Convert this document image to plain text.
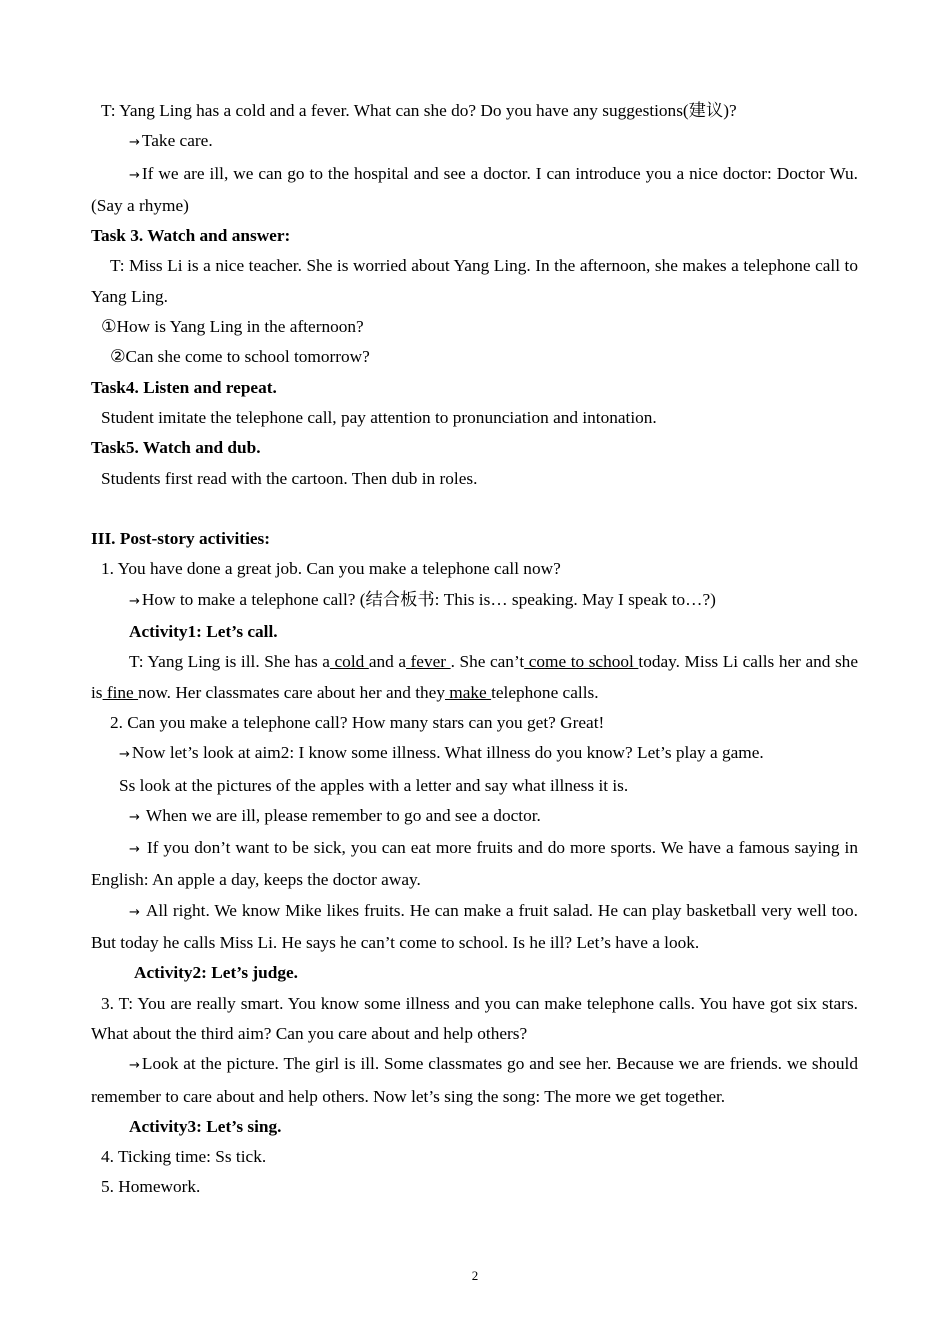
T: Yang Ling has a cold and a fever. What can she do? Do you have any suggestions(建议)?

→ Take care.

→ If we are ill, we can go to the hospital and see a doctor. I can introduce you a nice doctor: Doctor Wu. (Say a rhyme)

Task 3. Watch and answer:

T: Miss Li is a nice teacher. She is worried about Yang Ling. In the afternoon, she makes a telephone call to Yang Ling.

①How is Yang Ling in the afternoon?

②Can she come to school tomorrow?

Task4. Listen and repeat.

Student imitate the telephone call, pay attention to pronunciation and intonation.

Task5. Watch and dub.

Students first read with the cartoon. Then dub in roles.

III. Post-story activities:

1. You have done a great job. Can you make a telephone call now?

→ How to make a telephone call? (结合板书: This is… speaking. May I speak to…?)

Activity1: Let’s call.

T: Yang Ling is ill. She has a cold and a fever . She can’t come to school today. Miss Li calls her and she is fine now. Her classmates care about her and they make telephone calls.

2. Can you make a telephone call? How many stars can you get? Great!

→ Now let’s look at aim2: I know some illness. What illness do you know? Let’s play a game.

Ss look at the pictures of the apples with a letter and say what illness it is.

→ When we are ill, please remember to go and see a doctor.

→ If you don’t want to be sick, you can eat more fruits and do more sports. We have a famous saying in English: An apple a day, keeps the doctor away.

→ All right. We know Mike likes fruits. He can make a fruit salad. He can play basketball very well too. But today he calls Miss Li. He says he can’t come to school. Is he ill? Let’s have a look.

Activity2: Let’s judge.

3. T: You are really smart. You know some illness and you can make telephone calls. You have got six stars. What about the third aim? Can you care about and help others?

→ Look at the picture. The girl is ill. Some classmates go and see her. Because we are friends. we should remember to care about and help others. Now let’s sing the song: The more we get together.

Activity3: Let’s sing.

4. Ticking time: Ss tick.

5. Homework.

2
